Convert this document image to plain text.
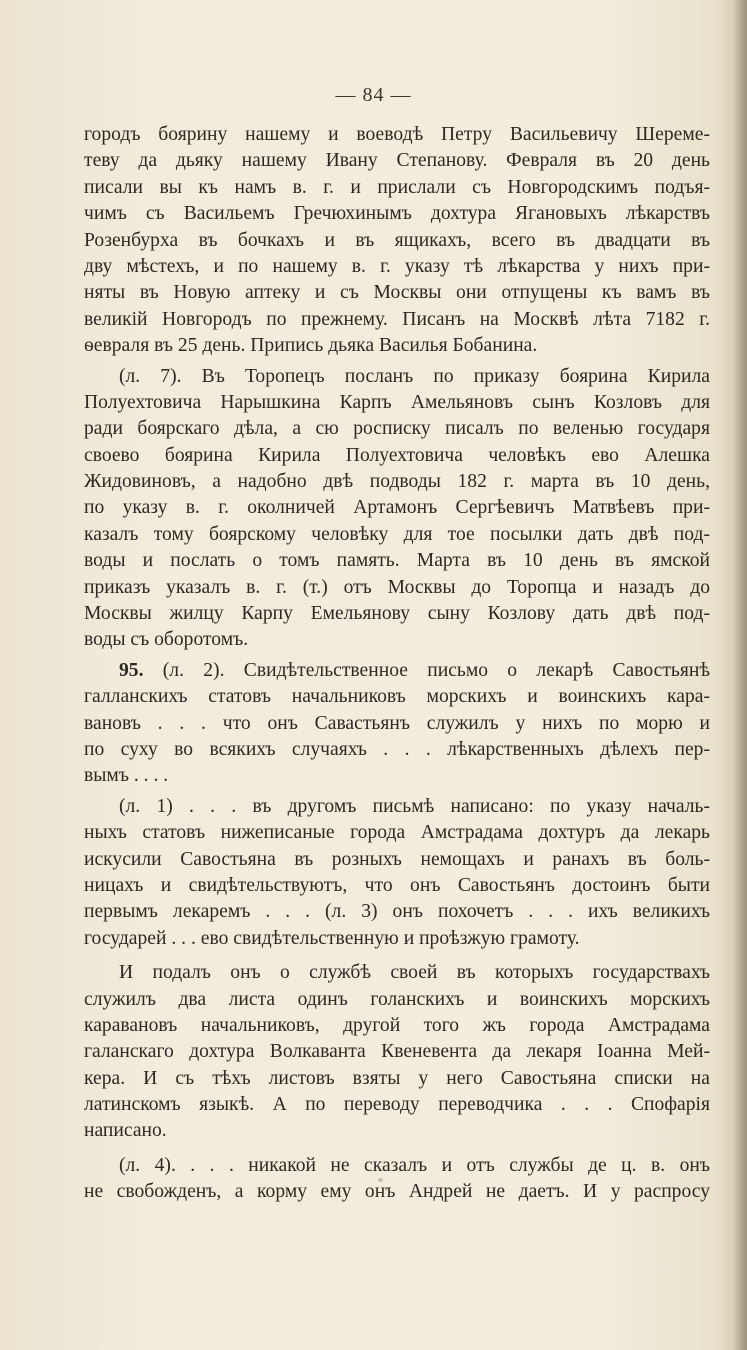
— 84 —
городъ боярину нашему и воеводѣ Петру Васильевичу Шереме-
теву да дьяку нашему Ивану Степанову. Февраля въ 20 день
писали вы къ намъ в. г. и прислали съ Новгородскимъ подъя-
чимъ съ Васильемъ Гречюхинымъ дохтура Ягановыхъ лѣкарствъ
Розенбурха въ бочкахъ и въ ящикахъ, всего въ двадцати въ
дву мѣстехъ, и по нашему в. г. указу тѣ лѣкарства у нихъ при-
няты въ Новую аптеку и съ Москвы они отпущены къ вамъ въ
великій Новгородъ по прежнему. Писанъ на Москвѣ лѣта 7182 г.
ѳевраля въ 25 день. Припись дьяка Василья Бобанина.
(л. 7). Въ Торопецъ посланъ по приказу боярина Кирила
Полуехтовича Нарышкина Карпъ Амельяновъ сынъ Козловъ для
ради боярскаго дѣла, а сю росписку писалъ по веленью государя
своево боярина Кирила Полуехтовича человѣкъ ево Алешка
Жидовиновъ, а надобно двѣ подводы 182 г. марта въ 10 день,
по указу в. г. околничей Артамонъ Сергѣевичъ Матвѣевъ при-
казалъ тому боярскому человѣку для тое посылки дать двѣ под-
воды и послать о томъ память. Марта въ 10 день въ ямской
приказъ указалъ в. г. (т.) отъ Москвы до Торопца и назадъ до
Москвы жилцу Карпу Емельянову сыну Козлову дать двѣ под-
воды съ оборотомъ.
95. (л. 2). Свидѣтельственное письмо о лекарѣ Савостьянѣ
галланскихъ статовъ начальниковъ морскихъ и воинскихъ кара-
вановъ . . . что онъ Савастьянъ служилъ у нихъ по морю и
по суху во всякихъ случаяхъ . . . лѣкарственныхъ дѣлехъ пер-
вымъ . . . .
(л. 1) . . . въ другомъ письмѣ написано: по указу началь-
ныхъ статовъ нижеписаные города Амстрадама дохтуръ да лекарь
искусили Савостьяна въ розныхъ немощахъ и ранахъ въ боль-
ницахъ и свидѣтельствуютъ, что онъ Савостьянъ достоинъ быти
первымъ лекаремъ . . . (л. 3) онъ похочетъ . . . ихъ великихъ
государей . . . ево свидѣтельственную и проѣзжую грамоту.
И подалъ онъ о службѣ своей въ которыхъ государствахъ
служилъ два листа одинъ голанскихъ и воинскихъ морскихъ
каравановъ начальниковъ, другой того жъ города Амстрадама
галанскаго дохтура Волкаванта Квеневента да лекаря Іоанна Мей-
кера. И съ тѣхъ листовъ взяты у него Савостьяна списки на
латинскомъ языкѣ. А по переводу переводчика . . . Спофарія
написано.
(л. 4). . . . никакой не сказалъ и отъ службы де ц. в. онъ
не свобожденъ, а корму ему онъ Андрей не даетъ. И у распросу
